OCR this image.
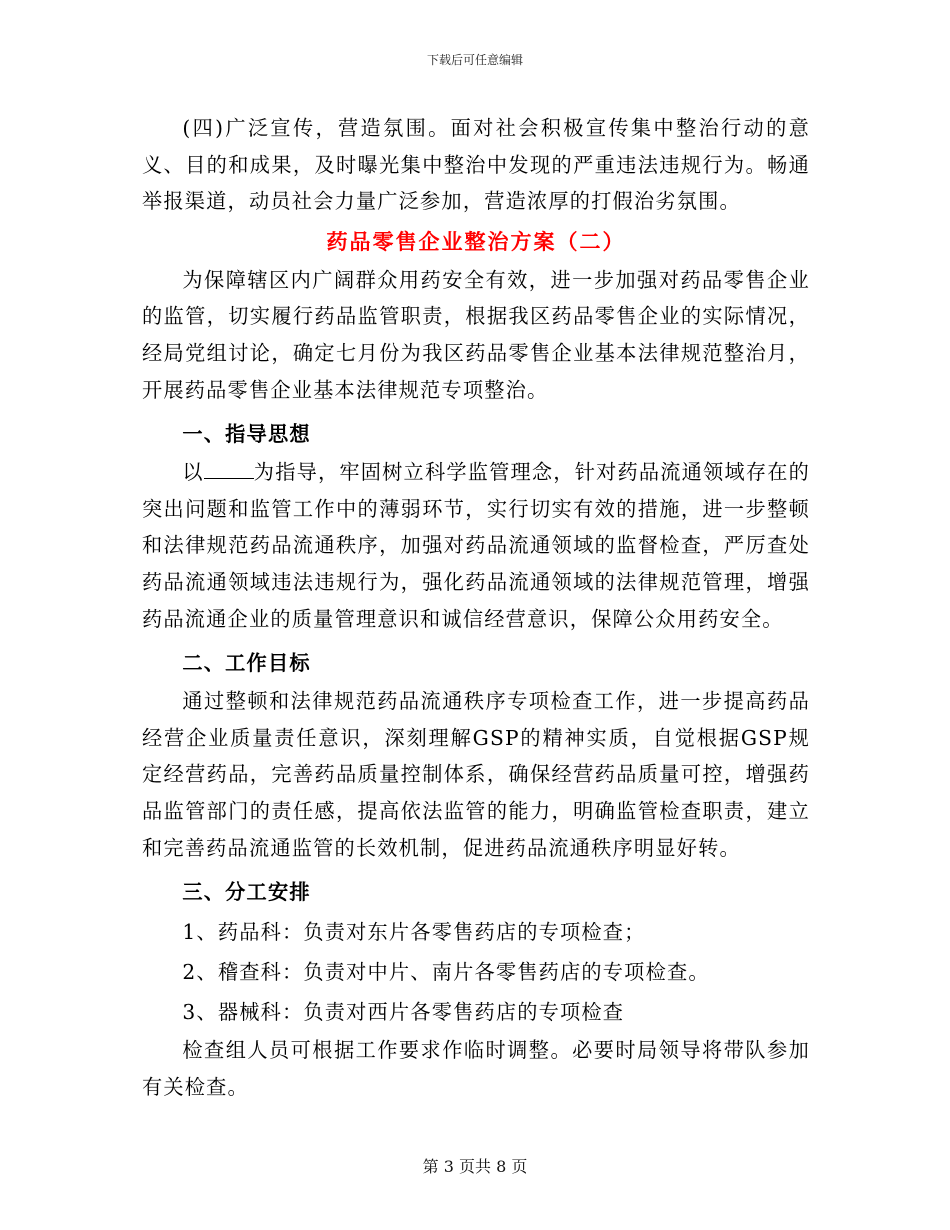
下载后可任意编辑

(四)广泛宣传，营造氛围。面对社会积极宣传集中整治行动的意义、目的和成果，及时曝光集中整治中发现的严重违法违规行为。畅通举报渠道，动员社会力量广泛参加，营造浓厚的打假治劣氛围。

药品零售企业整治方案（二）

为保障辖区内广阔群众用药安全有效，进一步加强对药品零售企业的监管，切实履行药品监管职责，根据我区药品零售企业的实际情况，经局党组讨论，确定七月份为我区药品零售企业基本法律规范整治月，开展药品零售企业基本法律规范专项整治。

一、指导思想

以 为指导，牢固树立科学监管理念，针对药品流通领域存在的突出问题和监管工作中的薄弱环节，实行切实有效的措施，进一步整顿和法律规范药品流通秩序，加强对药品流通领域的监督检查，严厉查处药品流通领域违法违规行为，强化药品流通领域的法律规范管理，增强药品流通企业的质量管理意识和诚信经营意识，保障公众用药安全。

二、工作目标

通过整顿和法律规范药品流通秩序专项检查工作，进一步提高药品经营企业质量责任意识，深刻理解GSP的精神实质，自觉根据GSP规定经营药品，完善药品质量控制体系，确保经营药品质量可控，增强药品监管部门的责任感，提高依法监管的能力，明确监管检查职责，建立和完善药品流通监管的长效机制，促进药品流通秩序明显好转。

三、分工安排

1、药品科：负责对东片各零售药店的专项检查；

2、稽查科：负责对中片、南片各零售药店的专项检查。

3、器械科：负责对西片各零售药店的专项检查

检查组人员可根据工作要求作临时调整。必要时局领导将带队参加有关检查。

第 3 页共 8 页
